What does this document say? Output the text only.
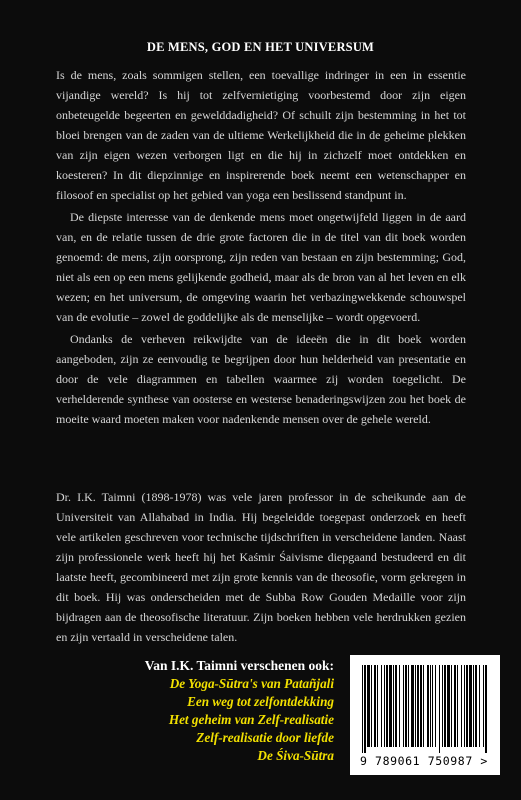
DE MENS, GOD EN HET UNIVERSUM

Is de mens, zoals sommigen stellen, een toevallige indringer in een in essentie vijandige wereld? Is hij tot zelfvernietiging voorbestemd door zijn eigen onbeteugelde begeerten en gewelddadigheid? Of schuilt zijn bestemming in het tot bloei brengen van de zaden van de ultieme Werkelijkheid die in de geheime plekken van zijn eigen wezen verborgen ligt en die hij in zichzelf moet ontdekken en koesteren? In dit diepzinnige en inspirerende boek neemt een wetenschapper en filosoof en specialist op het gebied van yoga een beslissend standpunt in.

De diepste interesse van de denkende mens moet ongetwijfeld liggen in de aard van, en de relatie tussen de drie grote factoren die in de titel van dit boek worden genoemd: de mens, zijn oorsprong, zijn reden van bestaan en zijn bestemming; God, niet als een op een mens gelijkende godheid, maar als de bron van al het leven en elk wezen; en het universum, de omgeving waarin het verbazingwekkende schouwspel van de evolutie – zowel de goddelijke als de menselijke – wordt opgevoerd.

Ondanks de verheven reikwijdte van de ideeën die in dit boek worden aangeboden, zijn ze eenvoudig te begrijpen door hun helderheid van presentatie en door de vele diagrammen en tabellen waarmee zij worden toegelicht. De verhelderende synthese van oosterse en westerse benaderingswijzen zou het boek de moeite waard moeten maken voor nadenkende mensen over de gehele wereld.

Dr. I.K. Taimni (1898-1978) was vele jaren professor in de scheikunde aan de Universiteit van Allahabad in India. Hij begeleidde toegepast onderzoek en heeft vele artikelen geschreven voor technische tijdschriften in verscheidene landen. Naast zijn professionele werk heeft hij het Kaśmir Śaivisme diepgaand bestudeerd en dit laatste heeft, gecombineerd met zijn grote kennis van de theosofie, vorm gekregen in dit boek. Hij was onderscheiden met de Subba Row Gouden Medaille voor zijn bijdragen aan de theosofische literatuur. Zijn boeken hebben vele herdrukken gezien en zijn vertaald in verscheidene talen.

Van I.K. Taimni verschenen ook:
De Yoga-Sūtra's van Patañjali
Een weg tot zelfontdekking
Het geheim van Zelf-realisatie
Zelf-realisatie door liefde
De Śiva-Sūtra 9 789061 750987 >
